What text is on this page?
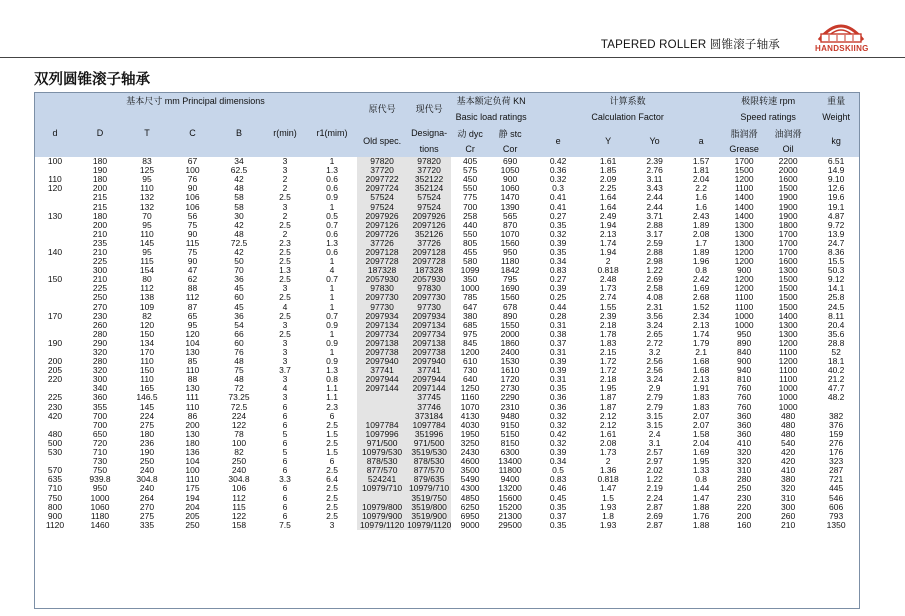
TAPERED ROLLER 圆锥滚子轴承	HANDSKIING
双列圆锥滚子轴承
基本尺寸 mm Principal dimensions							原代号	现代号	基本额定负荷 KN		计算系数				极限转速 rpm		重量
d	D	T	C	B	r(min)	r1(mim)			Basic load ratings		Calculation Factor				Speed ratings		Weight
							Old spec.	Designa-	动 dyc	静 stc	e	Y	Yo	a	脂润滑	油润滑	kg
								tions	Cr	Cor					Grease	Oil	
100	180	83	67	34	3	1	97820	97820	405	690	0.42	1.61	2.39	1.57	1700	2200	6.51
	190	125	100	62.5	3	1.3	37720	37720	575	1050	0.36	1.85	2.76	1.81	1500	2000	14.9
110	180	95	76	42	2	0.6	2097722	352122	450	900	0.32	2.09	3.11	2.04	1200	1600	9.10
120	200	110	90	48	2	0.6	2097724	352124	550	1060	0.3	2.25	3.43	2.2	1100	1500	12.6
	215	132	106	58	2.5	0.9	57524	57524	775	1470	0.41	1.64	2.44	1.6	1400	1900	19.6
	215	132	106	58	3	1	97524	97524	700	1390	0.41	1.64	2.44	1.6	1400	1900	19.1
130	180	70	56	30	2	0.5	2097926	2097926	258	565	0.27	2.49	3.71	2.43	1400	1900	4.87
	200	95	75	42	2.5	0.7	2097126	2097126	440	870	0.35	1.94	2.88	1.89	1300	1800	9.72
	210	110	90	48	2	0.6	2097726	352126	550	1070	0.32	2.13	3.17	2.08	1300	1700	13.9
	235	145	115	72.5	2.3	1.3	37726	37726	805	1560	0.39	1.74	2.59	1.7	1300	1700	24.7
140	210	95	75	42	2.5	0.6	2097128	2097128	455	950	0.35	1.94	2.88	1.89	1200	1700	8.36
	225	115	90	50	2.5	1	2097728	2097728	580	1180	0.34	2	2.98	1.96	1200	1600	15.5
	300	154	47	70	1.3	4	187328	187328	1099	1842	0.83	0.818	1.22	0.8	900	1300	50.3
150	210	80	62	36	2.5	0.7	2057930	2057930	350	795	0.27	2.48	2.69	2.42	1200	1500	9.12
	225	112	88	45	3	1	97830	97830	1000	1690	0.39	1.73	2.58	1.69	1200	1500	14.1
	250	138	112	60	2.5	1	2097730	2097730	785	1560	0.25	2.74	4.08	2.68	1100	1500	25.8
	270	109	87	45	4	1	97730	97730	647	678	0.44	1.55	2.31	1.52	1100	1500	24.5
170	230	82	65	36	2.5	0.7	2097934	2097934	380	890	0.28	2.39	3.56	2.34	1000	1400	8.11
	260	120	95	54	3	0.9	2097134	2097134	685	1550	0.31	2.18	3.24	2.13	1000	1300	20.4
	280	150	120	66	2.5	1	2097734	2097734	975	2000	0.38	1.78	2.65	1.74	950	1300	35.6
190	290	134	104	60	3	0.9	2097138	2097138	845	1860	0.37	1.83	2.72	1.79	890	1200	28.8
	320	170	130	76	3	1	2097738	2097738	1200	2400	0.31	2.15	3.2	2.1	840	1100	52
200	280	110	85	48	3	0.9	2097940	2097940	610	1530	0.39	1.72	2.56	1.68	900	1200	18.1
205	320	150	110	75	3.7	1.3	37741	37741	730	1610	0.39	1.72	2.56	1.68	940	1100	40.2
220	300	110	88	48	3	0.8	2097944	2097944	640	1720	0.31	2.18	3.24	2.13	810	1100	21.2
	340	165	130	72	4	1.1	2097144	2097144	1250	2730	0.35	1.95	2.9	1.91	760	1000	47.7
225	360	146.5	111	73.25	3	1.1		37745	1160	2290	0.36	1.87	2.79	1.83	760	1000	48.2
230	355	145	110	72.5	6	2.3		37746	1070	2310	0.36	1.87	2.79	1.83	760	1000	
420	700	224	86	224	6	6		373184	4130	9480	0.32	2.12	3.15	2.07	360	480	382
	700	275	200	122	6	2.5	1097784	1097784	4030	9150	0.32	2.12	3.15	2.07	360	480	376
480	650	180	130	78	5	1.5	1097996	351996	1950	5150	0.42	1.61	2.4	1.58	360	480	159
500	720	236	180	100	6	2.5	971/500	971/500	3250	8150	0.32	2.08	3.1	2.04	410	540	276
530	710	190	136	82	5	1.5	10979/530	3519/530	2430	6300	0.39	1.73	2.57	1.69	320	420	176
	730	250	104	250	6	6	878/530	878/530	4600	13400	0.34	2	2.97	1.95	320	420	323
570	750	240	100	240	6	2.5	877/570	877/570	3500	11800	0.5	1.36	2.02	1.33	310	410	287
635	939.8	304.8	110	304.8	3.3	6.4	524241	879/635	5490	9400	0.83	0.818	1.22	0.8	280	380	721
710	950	240	175	106	6	2.5	10979/710	10979/710	4300	13200	0.46	1.47	2.19	1.44	250	320	445
750	1000	264	194	112	6	2.5		3519/750	4850	15600	0.45	1.5	2.24	1.47	230	310	546
800	1060	270	204	115	6	2.5	10979/800	3519/800	6250	15200	0.35	1.93	2.87	1.88	220	300	606
900	1180	275	205	122	6	2.5	10979/900	3519/900	6950	21300	0.37	1.8	2.69	1.76	200	260	793
1120	1460	335	250	158	7.5	3	10979/1120	10979/1120	9000	29500	0.35	1.93	2.87	1.88	160	210	1350
